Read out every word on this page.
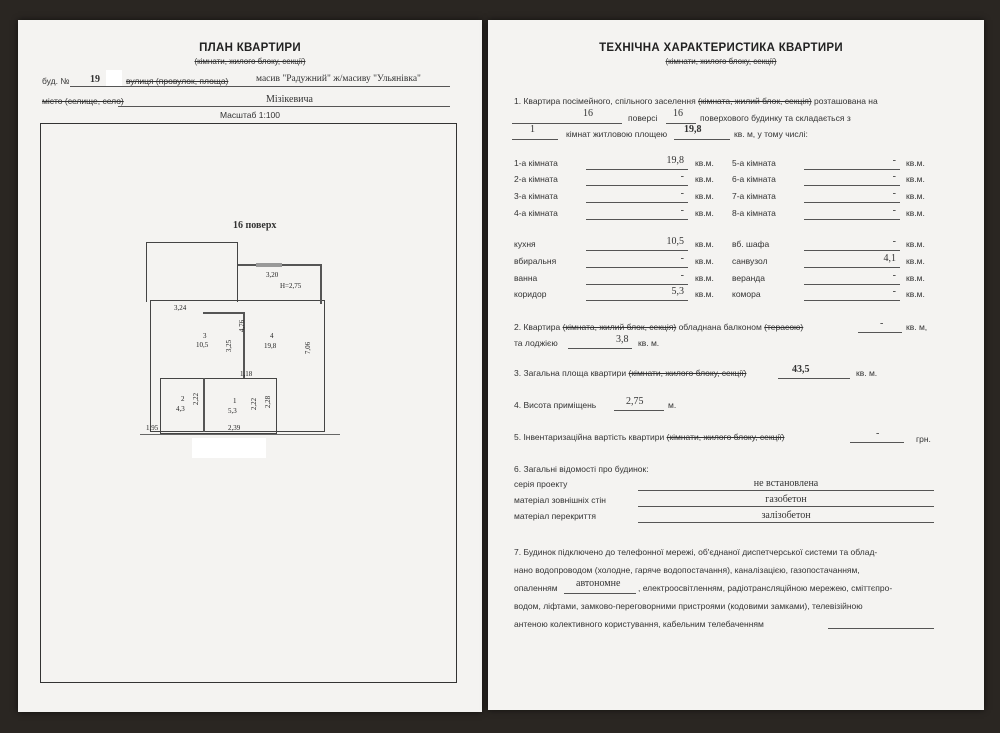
ПЛАН КВАРТИРИ
(кімнати, жилого блоку, секції)
буд. № 19	вулиця (провулок, площа)	масив "Радужний" ж/масиву "Ульянівка"
місто (селище, село)	Мізікевича
Масштаб 1:100
16 поверх
3,20
Н=2,75
3,24
3
10,5 3,25
4,76
4
19,8	7,06
1,18
2
4,3
2,22	1
5,3
2,22 2,28
1,95	2,39
ТЕХНІЧНА ХАРАКТЕРИСТИКА КВАРТИРИ
(кімнати, жилого блоку, секції)
1. Квартира посімейного, спільного заселення (кімната, жилий блок, секція) розташована на
16	поверсі 16 поверхового будинку та складається з
1	кімнат житловою площею 19,8	кв. м, у тому числі:
1-а кімната	19,8 кв.м.
2-а кімната	- кв.м.
3-а кімната	- кв.м.
4-а кімната	- кв.м.
5-а кімната	- кв.м.
6-а кімната	- кв.м.
7-а кімната	- кв.м.
8-а кімната	- кв.м.
кухня	10,5 кв.м.
вбиральня	- кв.м.
ванна	- кв.м.
коридор	5,3 кв.м.
вб. шафа	- кв.м.
санвузол	4,1 кв.м.
веранда	- кв.м.
комора	- кв.м.
2. Квартира (кімната, жилий блок, секція) обладнана балконом (терасою)	-	кв. м,
та лоджією	3,8 кв. м.
3. Загальна площа квартири (кімнати, жилого блоку, секції)	43,5	кв. м.
4. Висота приміщень	2,75	м.
5. Інвентаризаційна вартість квартири (кімнати, жилого блоку, секції)	-	грн.
6. Загальні відомості про будинок:
серія проекту	не встановлена
матеріал зовнішніх стін	газобетон
матеріал перекриття	залізобетон
7. Будинок підключено до телефонної мережі, об'єднаної диспетчерської системи та облад-
нано водопроводом (холодне, гаряче водопостачання), каналізацією, газопостачанням,
опаленням автономне , електроосвітленням, радіотрансляційною мережею, сміттєпро-
водом, ліфтами, замково-переговорними пристроями (кодовими замками), телевізійною
антеною колективного користування, кабельним телебаченням
